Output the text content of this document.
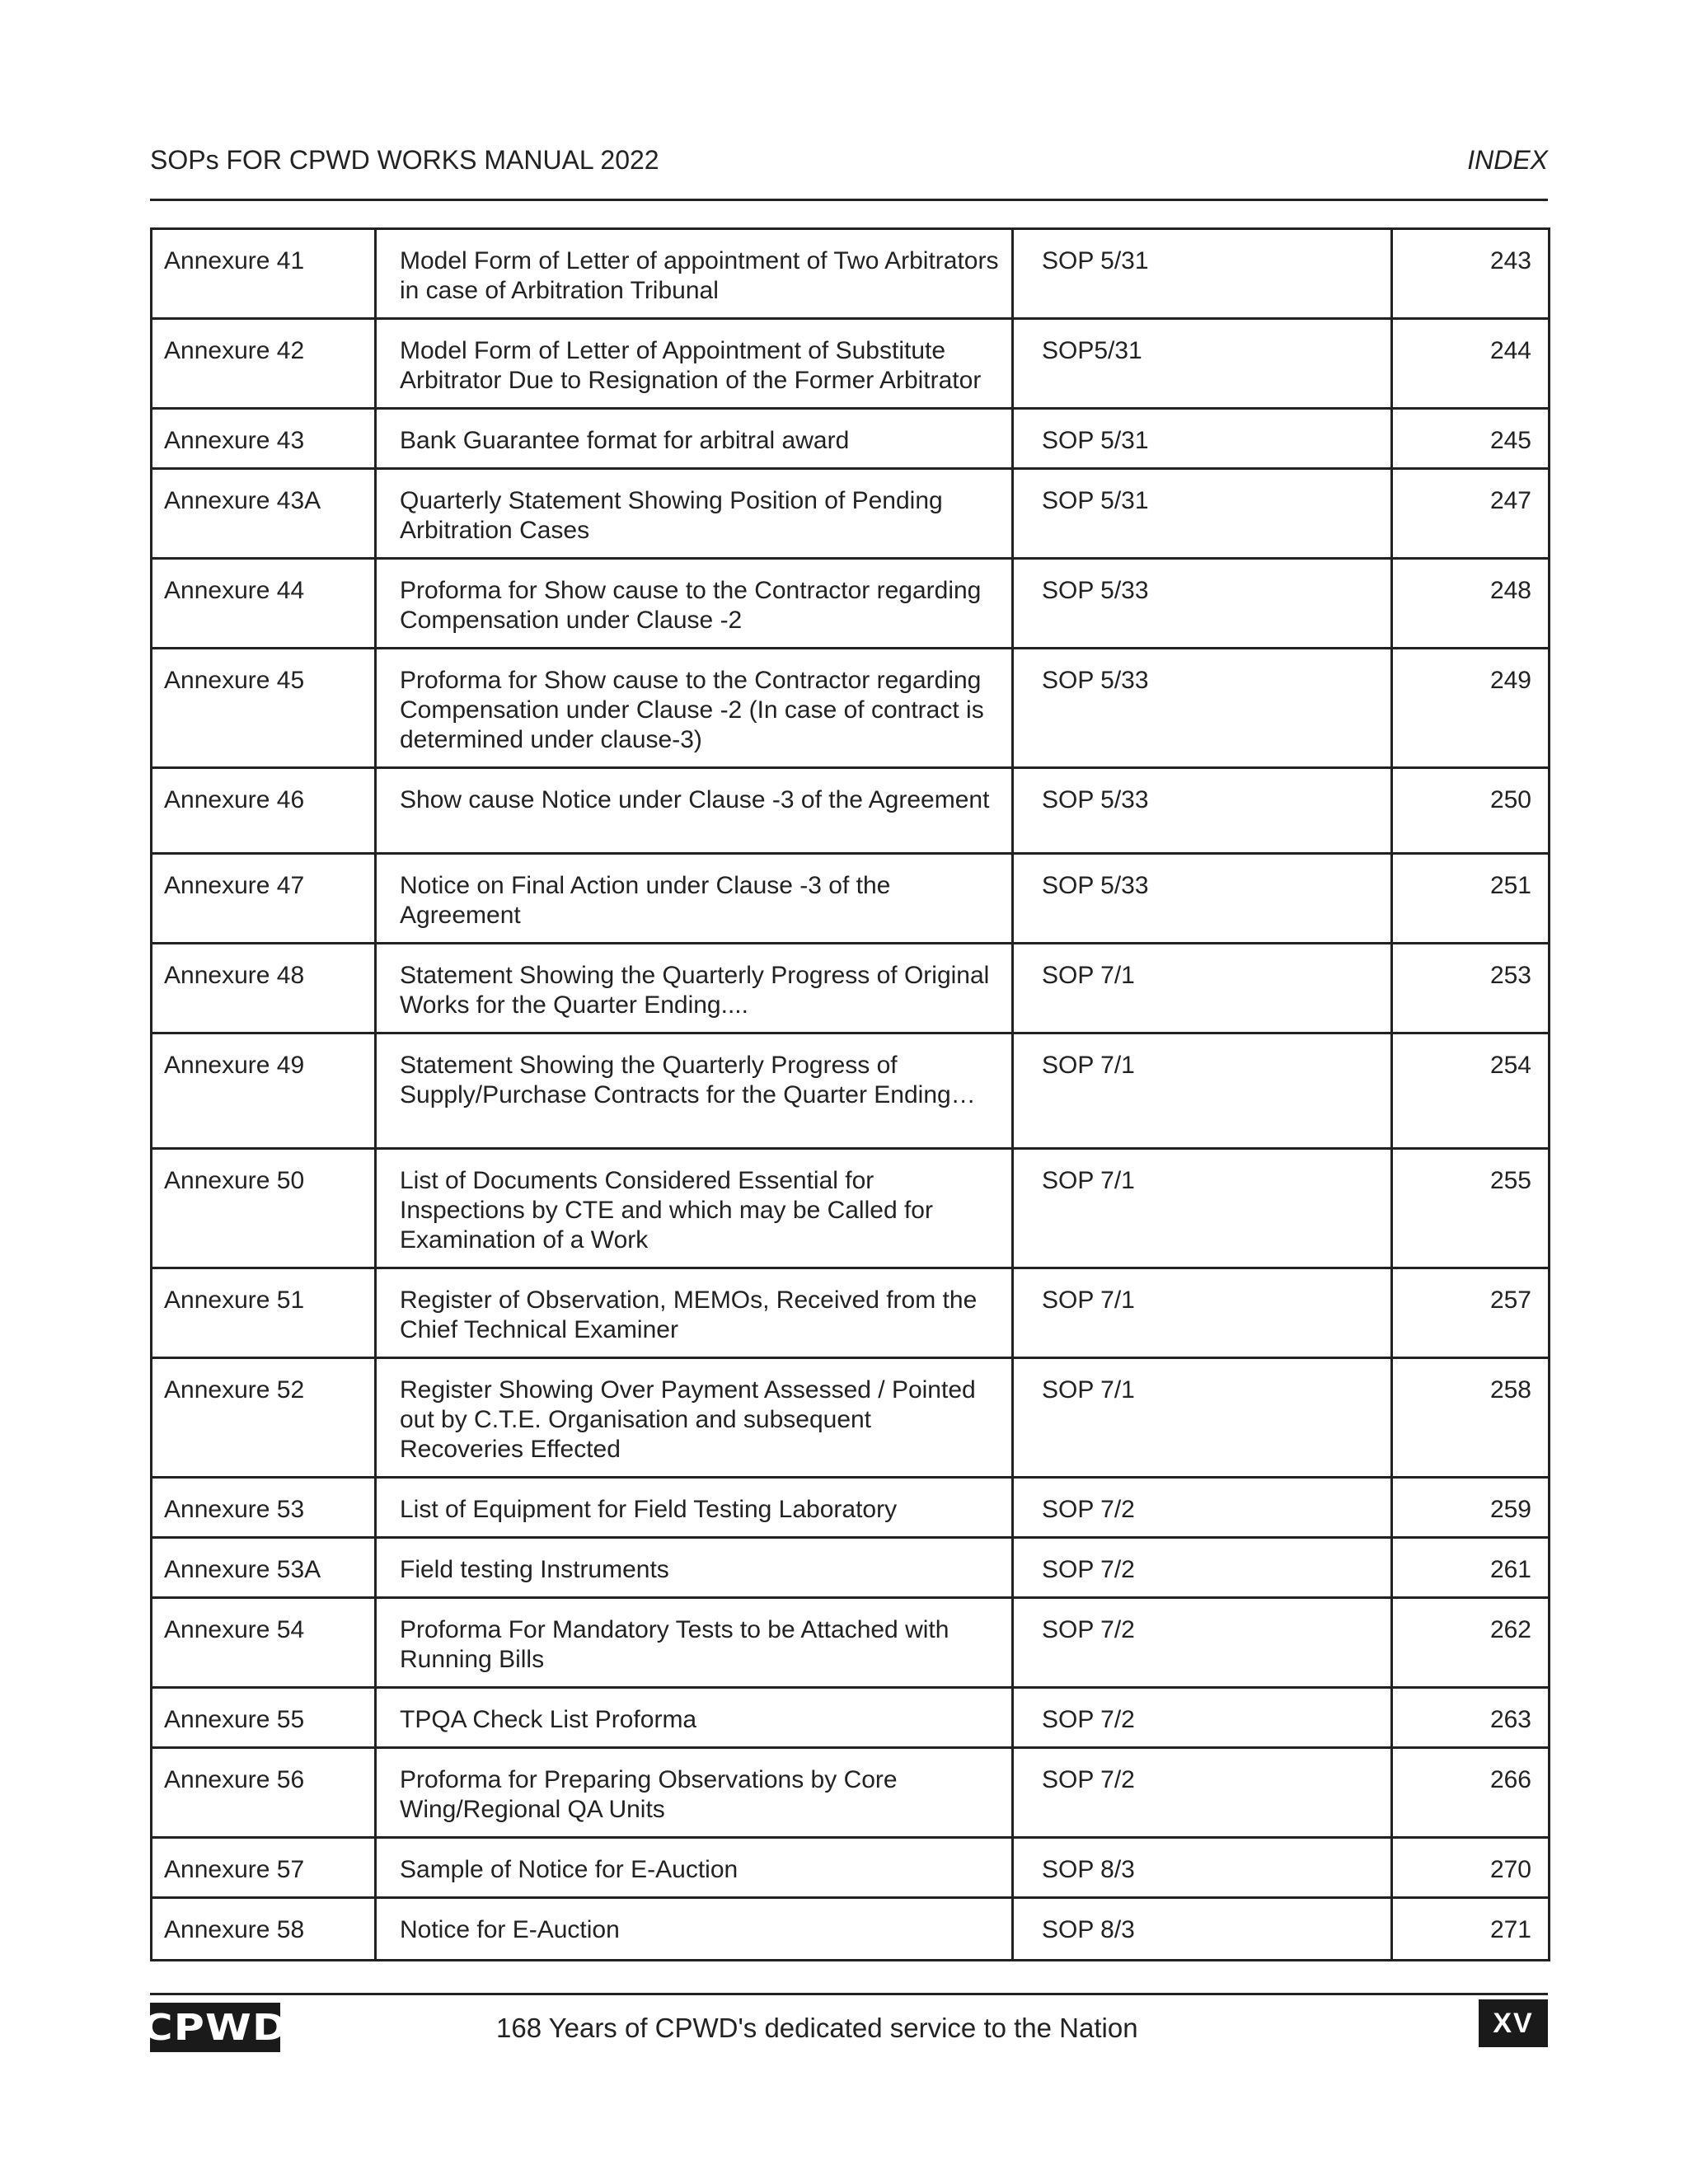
SOPs FOR CPWD WORKS MANUAL 2022	INDEX
Annexure 41	Model Form of Letter of appointment of Two Arbitrators in case of Arbitration Tribunal	SOP 5/31	243
Annexure 42	Model Form of Letter of Appointment of Substitute Arbitrator Due to Resignation of the Former Arbitrator	SOP5/31	244
Annexure 43	Bank Guarantee format for arbitral award	SOP 5/31	245
Annexure 43A	Quarterly Statement Showing Position of Pending Arbitration Cases	SOP 5/31	247
Annexure 44	Proforma for Show cause to the Contractor regarding Compensation under Clause -2	SOP 5/33	248
Annexure 45	Proforma for Show cause to the Contractor regarding Compensation under Clause -2 (In case of contract is determined under clause-3)	SOP 5/33	249
Annexure 46	Show cause Notice under Clause -3 of the Agreement	SOP 5/33	250
Annexure 47	Notice on Final Action under Clause -3 of the Agreement	SOP 5/33	251
Annexure 48	Statement Showing the Quarterly Progress of Original Works for the Quarter Ending....	SOP 7/1	253
Annexure 49	Statement Showing the Quarterly Progress of Supply/Purchase Contracts for the Quarter Ending…	SOP 7/1	254
Annexure 50	List of Documents Considered Essential for Inspections by CTE and which may be Called for Examination of a Work	SOP 7/1	255
Annexure 51	Register of Observation, MEMOs, Received from the Chief Technical Examiner	SOP 7/1	257
Annexure 52	Register Showing Over Payment Assessed / Pointed out by C.T.E. Organisation and subsequent Recoveries Effected	SOP 7/1	258
Annexure 53	List of Equipment for Field Testing Laboratory	SOP 7/2	259
Annexure 53A	Field testing Instruments	SOP 7/2	261
Annexure 54	Proforma For Mandatory Tests to be Attached with Running Bills	SOP 7/2	262
Annexure 55	TPQA Check List Proforma	SOP 7/2	263
Annexure 56	Proforma for Preparing Observations by Core Wing/Regional QA Units	SOP 7/2	266
Annexure 57	Sample of Notice for E-Auction	SOP 8/3	270
Annexure 58	Notice for E-Auction	SOP 8/3	271
CPWD	168 Years of CPWD's dedicated service to the Nation	XV
